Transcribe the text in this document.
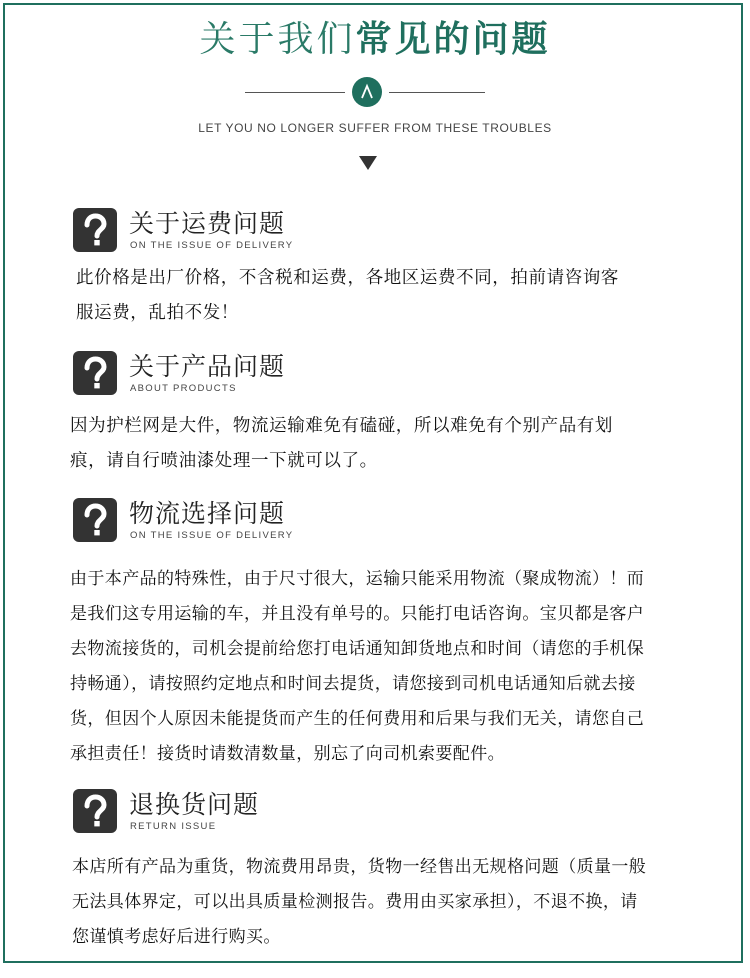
关于我们常见的问题
LET YOU NO LONGER SUFFER FROM THESE TROUBLES
关于运费问题
ON THE ISSUE OF DELIVERY
此价格是出厂价格，不含税和运费，各地区运费不同，拍前请咨询客
服运费，乱拍不发！
关于产品问题
ABOUT PRODUCTS
因为护栏网是大件，物流运输难免有磕碰，所以难免有个别产品有划
痕，请自行喷油漆处理一下就可以了。
物流选择问题
ON THE ISSUE OF DELIVERY
由于本产品的特殊性，由于尺寸很大，运输只能采用物流（聚成物流）！而
是我们这专用运输的车，并且没有单号的。只能打电话咨询。宝贝都是客户
去物流接货的，司机会提前给您打电话通知卸货地点和时间（请您的手机保
持畅通），请按照约定地点和时间去提货，请您接到司机电话通知后就去接
货，但因个人原因未能提货而产生的任何费用和后果与我们无关，请您自己
承担责任！接货时请数清数量，别忘了向司机索要配件。
退换货问题
RETURN ISSUE
本店所有产品为重货，物流费用昂贵，货物一经售出无规格问题（质量一般
无法具体界定，可以出具质量检测报告。费用由买家承担），不退不换，请
您谨慎考虑好后进行购买。
